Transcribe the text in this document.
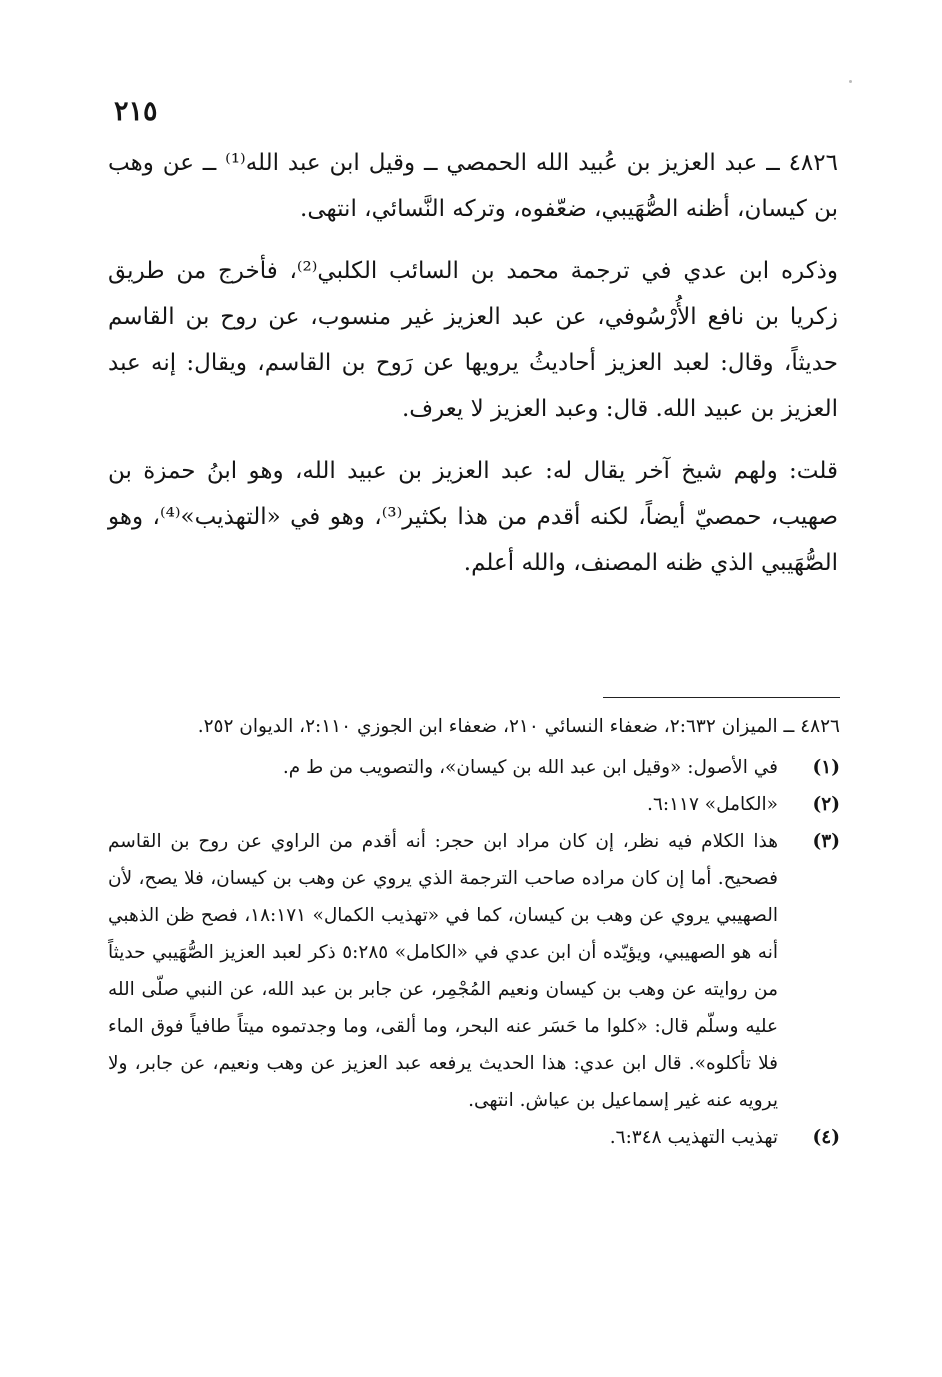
٢١٥

٤٨٢٦ ــ عبد العزيز بن عُبيد الله الحمصي ــ وقيل ابن عبد الله⁽¹⁾ ــ عن وهب بن كيسان، أظنه الصُّهَيبي، ضعّفوه، وتركه النَّسائي، انتهى.

وذكره ابن عدي في ترجمة محمد بن السائب الكلبي⁽²⁾، فأخرج من طريق زكريا بن نافع الأُرْسُوفي، عن عبد العزيز غير منسوب، عن روح بن القاسم حديثاً، وقال: لعبد العزيز أحاديثُ يرويها عن رَوح بن القاسم، ويقال: إنه عبد العزيز بن عبيد الله. قال: وعبد العزيز لا يعرف.

قلت: ولهم شيخ آخر يقال له: عبد العزيز بن عبيد الله، وهو ابنُ حمزة بن صهيب، حمصيّ أيضاً، لكنه أقدم من هذا بكثير⁽³⁾، وهو في «التهذيب»⁽⁴⁾، وهو الصُّهَيبي الذي ظنه المصنف، والله أعلم.

٤٨٢٦ ــ الميزان ٢:٦٣٢، ضعفاء النسائي ٢١٠، ضعفاء ابن الجوزي ٢:١١٠، الديوان ٢٥٢.

(١)
في الأصول: «وقيل ابن عبد الله بن كيسان»، والتصويب من ط م.
(٢)
«الكامل» ٦:١١٧.
(٣)
هذا الكلام فيه نظر، إن كان مراد ابن حجر: أنه أقدم من الراوي عن روح بن القاسم فصحيح. أما إن كان مراده صاحب الترجمة الذي يروي عن وهب بن كيسان، فلا يصح، لأن الصهيبي يروي عن وهب بن كيسان، كما في «تهذيب الكمال» ١٨:١٧١، فصح ظن الذهبي أنه هو الصهيبي، ويؤيّده أن ابن عدي في «الكامل» ٥:٢٨٥ ذكر لعبد العزيز الصُّهَيبي حديثاً من روايته عن وهب بن كيسان ونعيم المُجْمِر، عن جابر بن عبد الله، عن النبي صلّى الله عليه وسلّم قال: «كلوا ما حَسَر عنه البحر، وما ألقى، وما وجدتموه ميتاً طافياً فوق الماء فلا تأكلوه». قال ابن عدي: هذا الحديث يرفعه عبد العزيز عن وهب ونعيم، عن جابر، ولا يرويه عنه غير إسماعيل بن عياش. انتهى.
(٤)
تهذيب التهذيب ٦:٣٤٨.
